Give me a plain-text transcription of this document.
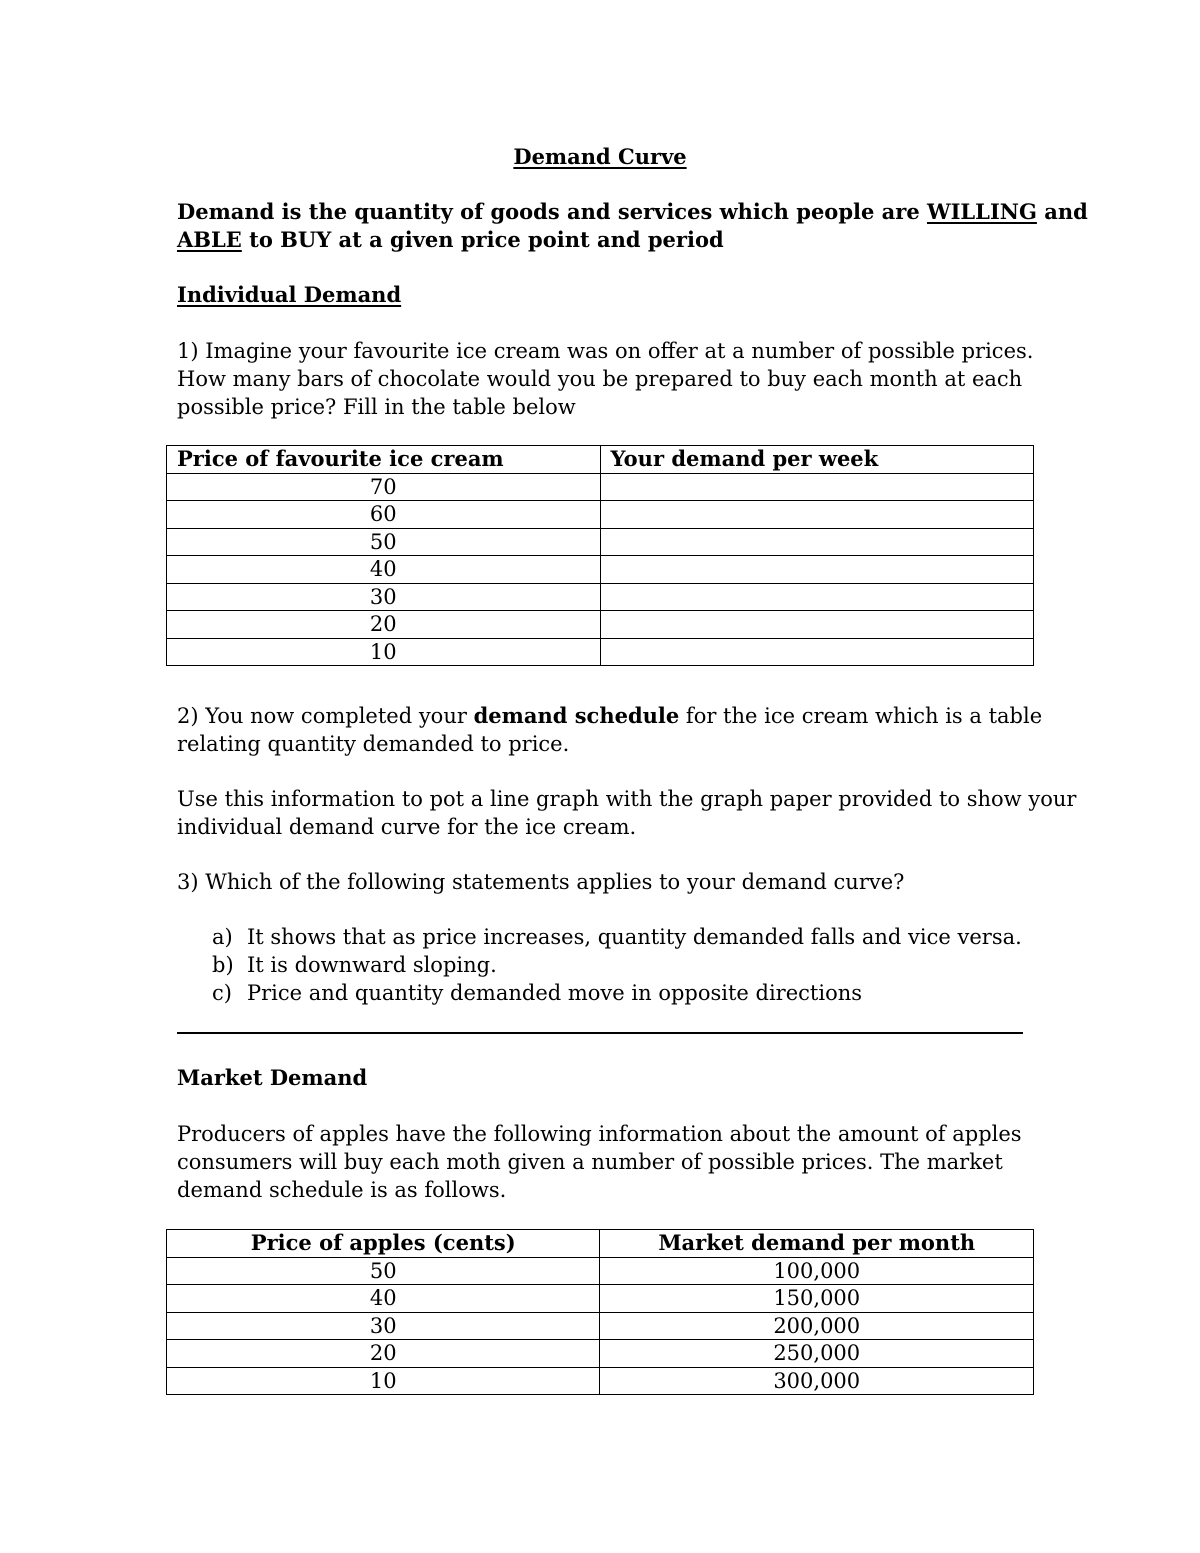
Demand Curve
Demand is the quantity of goods and services which people are WILLING and
ABLE to BUY at a given price point and period
Individual Demand
1) Imagine your favourite ice cream was on offer at a number of possible prices.
How many bars of chocolate would you be prepared to buy each month at each
possible price? Fill in the table below
Price of favourite ice cream	Your demand per week
70	
60	
50	
40	
30	
20	
10	
2) You now completed your demand schedule for the ice cream which is a table
relating quantity demanded to price.
Use this information to pot a line graph with the graph paper provided to show your
individual demand curve for the ice cream.
3) Which of the following statements applies to your demand curve?
a) It shows that as price increases, quantity demanded falls and vice versa.
b) It is downward sloping.
c) Price and quantity demanded move in opposite directions
Market Demand
Producers of apples have the following information about the amount of apples
consumers will buy each moth given a number of possible prices. The market
demand schedule is as follows.
Price of apples (cents)	Market demand per month
50	100,000
40	150,000
30	200,000
20	250,000
10	300,000
